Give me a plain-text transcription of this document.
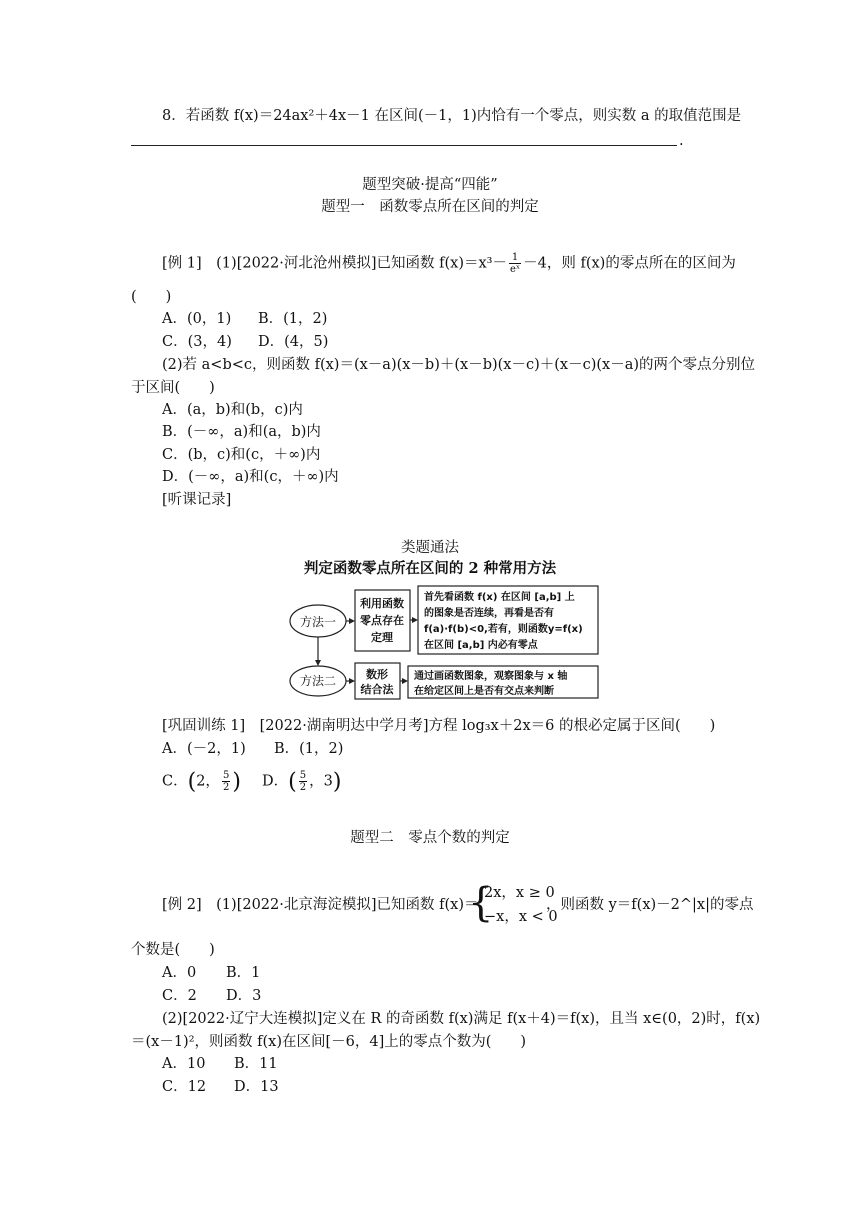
8．若函数 f(x)＝24ax²＋4x－1 在区间(－1，1)内恰有一个零点，则实数 a 的取值范围是
.
题型突破·提高“四能”
题型一　函数零点所在区间的判定
[例 1]　(1)[2022·河北沧州模拟]已知函数 $f(x)=x^3- \frac{1}{\text{eˣ}} -4$，则 f(x)的零点所在的区间为
(　　)
A．(0，1) B．(1，2)
C．(3，4) D．(4，5)
(2)若 a<b<c，则函数 f(x)＝(x－a)(x－b)＋(x－b)(x－c)＋(x－c)(x－a)的两个零点分别位
于区间(　　)
A．(a，b)和(b，c)内
B．(－∞，a)和(a，b)内
C．(b，c)和(c，＋∞)内
D．(－∞，a)和(c，＋∞)内
[听课记录]
类题通法
判定函数零点所在区间的 2 种常用方法
方法一
方法二
利用函数
零点存在
定理
数形
结合法
首先看函数 f(x) 在区间 [a,b] 上
的图象是否连续，再看是否有
f(a)·f(b)<0,若有，则函数y=f(x)
在区间 [a,b] 内必有零点
通过画函数图象，观察图象与 x 轴
在给定区间上是否有交点来判断
[巩固训练 1]　[2022·湖南明达中学月考]方程 log₃x＋2x＝6 的根必定属于区间(　　)
A．(－2，1) B．(1，2)
C．(2， $\frac{5}{2}$ ) D．( $\frac{5}{2}$ ，3)
题型二　零点个数的判定
[例 2]　(1)[2022·北京海淀模拟]已知函数 f(x)＝
{
2x，x ≥ 0
−x，x < 0
，则函数 y＝f(x)－2^|x|的零点
个数是(　　)
A．0 B．1
C．2 D．3
(2)[2022·辽宁大连模拟]定义在 R 的奇函数 f(x)满足 f(x＋4)＝f(x)，且当 x∈(0，2)时，f(x)
＝(x－1)²，则函数 f(x)在区间[－6，4]上的零点个数为(　　)
A．10 B．11
C．12 D．13
